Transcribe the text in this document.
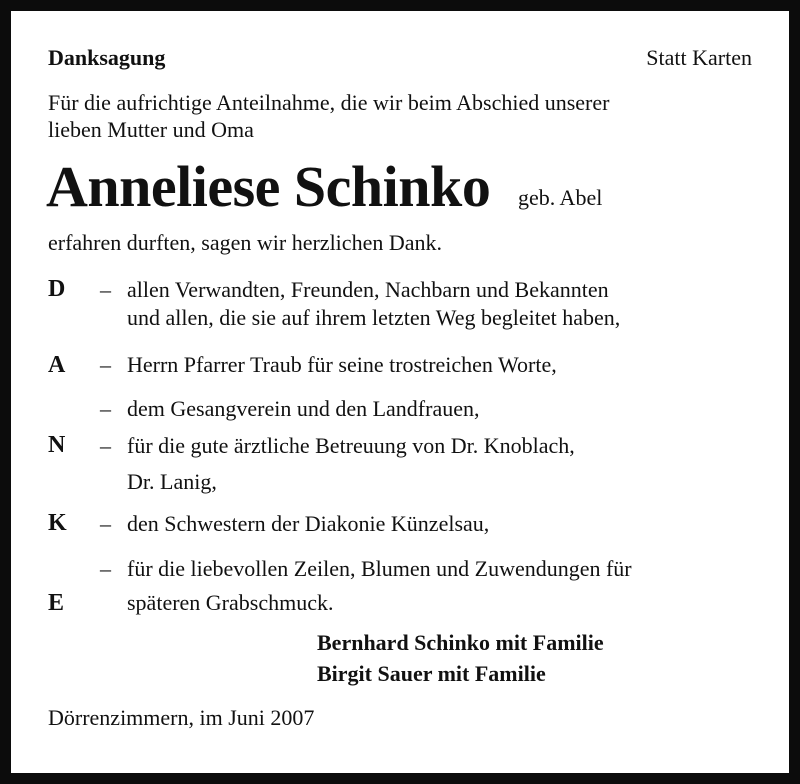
Danksagung	Statt Karten
Für die aufrichtige Anteilnahme, die wir beim Abschied unserer
lieben Mutter und Oma
Anneliese Schinko geb. Abel
erfahren durften, sagen wir herzlichen Dank.
D
A
N
K
E
–
–
–
–
–
–
allen Verwandten, Freunden, Nachbarn und Bekannten
und allen, die sie auf ihrem letzten Weg begleitet haben,
Herrn Pfarrer Traub für seine trostreichen Worte,
dem Gesangverein und den Landfrauen,
für die gute ärztliche Betreuung von Dr. Knoblach,
Dr. Lanig,
den Schwestern der Diakonie Künzelsau,
für die liebevollen Zeilen, Blumen und Zuwendungen für
späteren Grabschmuck.
Bernhard Schinko mit Familie
Birgit Sauer mit Familie
Dörrenzimmern, im Juni 2007
